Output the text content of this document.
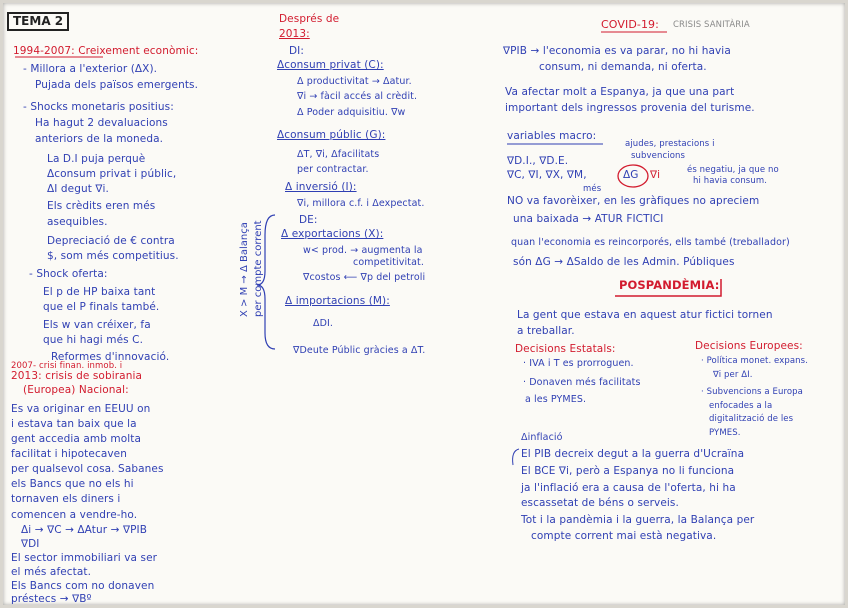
TEMA 2
1994-2007: Creixement econòmic:
- Millora a l'exterior (ΔX).
Pujada dels països emergents.
- Shocks monetaris positius:
Ha hagut 2 devaluacions
anteriors de la moneda.
La D.I puja perquè
Δconsum privat i públic,
ΔI degut ∇i.
Els crèdits eren més
asequibles.
Depreciació de € contra
$, som més competitius.
- Shock oferta:
El p de HP baixa tant
que el P finals també.
Els w van créixer, fa
que hi hagi més C.
Reformes d'innovació.
2007- crisi finan. inmob. i
2013: crisis de sobirania
(Europea) Nacional:
Es va originar en EEUU on
i estava tan baix que la
gent accedia amb molta
facilitat i hipotecaven
per qualsevol cosa. Sabanes
els Bancs que no els hi
tornaven els diners i
comencen a vendre-ho.
Δi → ∇C → ΔAtur → ∇PIB
∇DI
El sector immobiliari va ser
el més afectat.
Els Bancs com no donaven
préstecs → ∇Bº
Després de
2013:
DI:
Δconsum privat (C):
Δ productivitat → Δatur.
∇i → fàcil accés al crèdit.
Δ Poder adquisitiu. ∇w
Δconsum públic (G):
ΔT, ∇i, Δfacilitats
per contractar.
Δ inversió (I):
∇i, millora c.f. i Δexpectat.
DE:
Δ exportacions (X):
w< prod. → augmenta la
competitivitat.
∇costos ⟵ ∇p del petroli
Δ importacions (M):
ΔDI.
∇Deute Públic gràcies a ΔT.
X > M → Δ Balança per compte corrent
COVID-19: CRISIS SANITÀRIA
∇PIB → l'economia es va parar, no hi havia
consum, ni demanda, ni oferta.
Va afectar molt a Espanya, ja que una part
important dels ingressos provenia del turisme.
variables macro:
ajudes, prestacions i
subvencions
∇D.I., ∇D.E.
∇C, ∇I, ∇X, ∇M,	ΔG ∇i
més
és negatiu, ja que no
hi havia consum.
NO va favorèixer, en les gràfiques no apreciem
una baixada → ATUR FICTICI
quan l'economia es reincorporés, ells també (treballador)
són ΔG → ΔSaldo de les Admin. Públiques
POSPANDÈMIA:
La gent que estava en aquest atur fictici tornen
a treballar.
Decisions Estatals:
· IVA i T es prorroguen.
· Donaven més facilitats
a les PYMES.
Decisions Europees:
· Política monet. expans.
∇i per ΔI.
· Subvencions a Europa
enfocades a la
digitalització de les
PYMES.
Δinflació
El PIB decreix degut a la guerra d'Ucraïna
El BCE ∇i, però a Espanya no li funciona
ja l'inflació era a causa de l'oferta, hi ha
escassetat de béns o serveis.
Tot i la pandèmia i la guerra, la Balança per
compte corrent mai està negativa.
